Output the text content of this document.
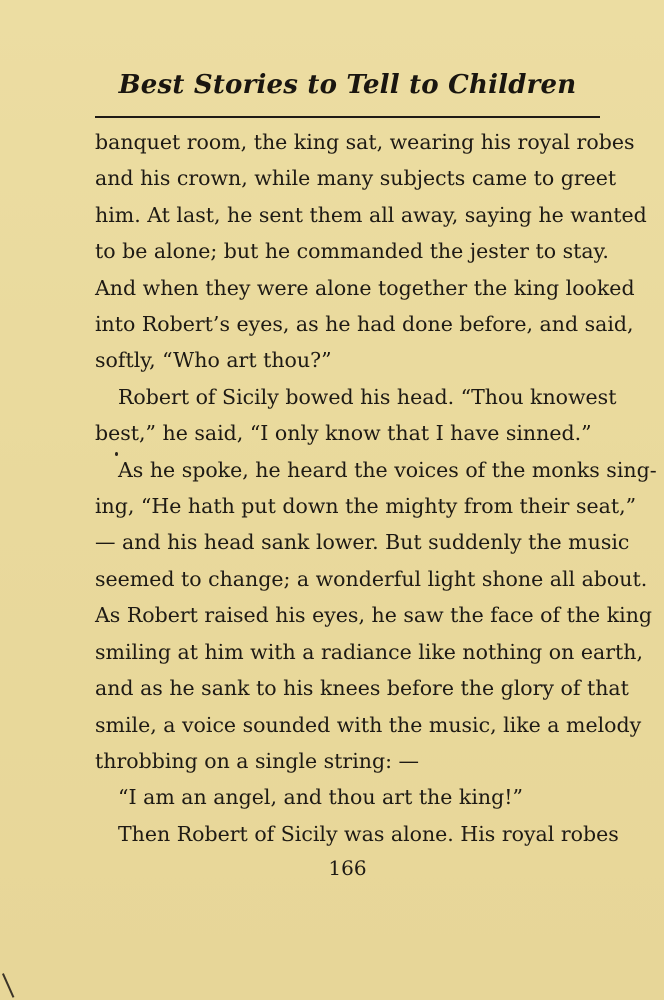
Best Stories to Tell to Children
banquet room, the king sat, wearing his royal robes
and his crown, while many subjects came to greet
him. At last, he sent them all away, saying he wanted
to be alone; but he commanded the jester to stay.
And when they were alone together the king looked
into Robert’s eyes, as he had done before, and said,
softly, “Who art thou?”
Robert of Sicily bowed his head. “Thou knowest
best,” he said, “I only know that I have sinned.”
As he spoke, he heard the voices of the monks sing-
ing, “He hath put down the mighty from their seat,”
— and his head sank lower. But suddenly the music
seemed to change; a wonderful light shone all about.
As Robert raised his eyes, he saw the face of the king
smiling at him with a radiance like nothing on earth,
and as he sank to his knees before the glory of that
smile, a voice sounded with the music, like a melody
throbbing on a single string: —
“I am an angel, and thou art the king!”
Then Robert of Sicily was alone. His royal robes
166
